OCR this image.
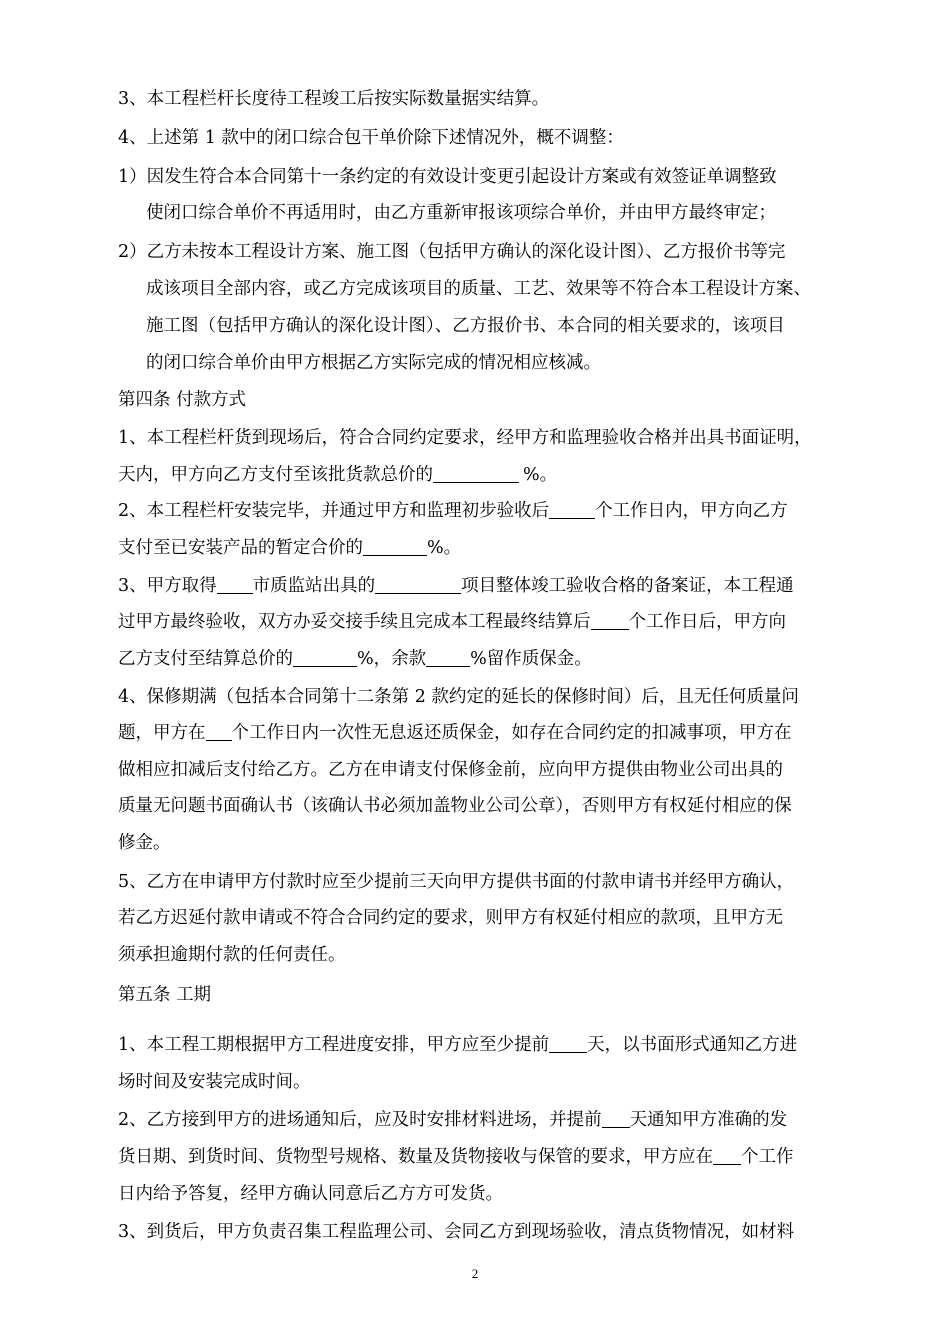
3、本工程栏杆长度待工程竣工后按实际数量据实结算。
4、上述第 1 款中的闭口综合包干单价除下述情况外，概不调整：
1）因发生符合本合同第十一条约定的有效设计变更引起设计方案或有效签证单调整致
使闭口综合单价不再适用时，由乙方重新审报该项综合单价，并由甲方最终审定；
2）乙方未按本工程设计方案、施工图（包括甲方确认的深化设计图）、乙方报价书等完
成该项目全部内容，或乙方完成该项目的质量、工艺、效果等不符合本工程设计方案、
施工图（包括甲方确认的深化设计图）、乙方报价书、本合同的相关要求的，该项目
的闭口综合单价由甲方根据乙方实际完成的情况相应核减。
第四条 付款方式
1、本工程栏杆货到现场后，符合合同约定要求，经甲方和监理验收合格并出具书面证明，
天内，甲方向乙方支付至该批货款总价的	%。
2、本工程栏杆安装完毕，并通过甲方和监理初步验收后	个工作日内，甲方向乙方
支付至已安装产品的暂定合价的	%。
3、甲方取得 市质监站出具的	项目整体竣工验收合格的备案证，本工程通
过甲方最终验收，双方办妥交接手续且完成本工程最终结算后 个工作日后，甲方向
乙方支付至结算总价的	%，余款	%留作质保金。
4、保修期满（包括本合同第十二条第 2 款约定的延长的保修时间）后，且无任何质量问
题，甲方在 个工作日内一次性无息返还质保金，如存在合同约定的扣减事项，甲方在
做相应扣减后支付给乙方。乙方在申请支付保修金前，应向甲方提供由物业公司出具的
质量无问题书面确认书（该确认书必须加盖物业公司公章），否则甲方有权延付相应的保
修金。
5、乙方在申请甲方付款时应至少提前三天向甲方提供书面的付款申请书并经甲方确认，
若乙方迟延付款申请或不符合合同约定的要求，则甲方有权延付相应的款项，且甲方无
须承担逾期付款的任何责任。
第五条 工期
1、本工程工期根据甲方工程进度安排，甲方应至少提前 天，以书面形式通知乙方进
场时间及安装完成时间。
2、乙方接到甲方的进场通知后，应及时安排材料进场，并提前 天通知甲方准确的发
货日期、到货时间、货物型号规格、数量及货物接收与保管的要求，甲方应在 个工作
日内给予答复，经甲方确认同意后乙方方可发货。
3、到货后，甲方负责召集工程监理公司、会同乙方到现场验收，清点货物情况，如材料
2
